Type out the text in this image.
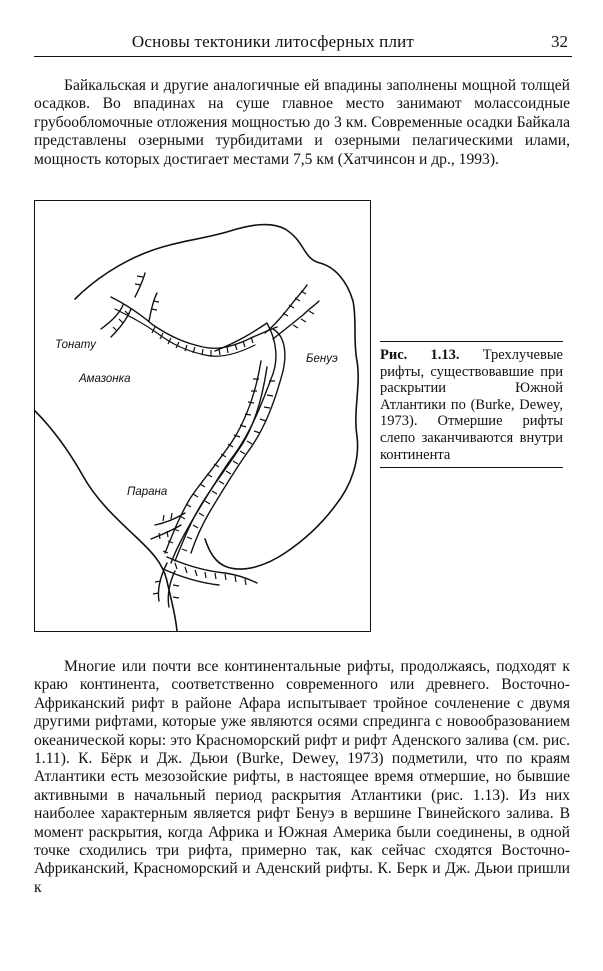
Основы тектоники литосферных плит	32

Байкальская и другие аналогичные ей впадины заполнены мощной толщей осадков. Во впадинах на суше главное место занимают молассоидные грубообломочные отложения мощностью до 3 км. Современные осадки Байкала представлены озерными турбидитами и озерными пелагическими илами, мощность которых достигает местами 7,5 км (Хатчинсон и др., 1993).

Тонату
Амазонка
Бенуэ
Парана
Рис. 1.13. Трехлучевые рифты, существовавшие при раскрытии Южной Атлантики по (Burke, Dewey, 1973). Отмершие рифты слепо заканчиваются внутри континента

Многие или почти все континентальные рифты, продолжаясь, подходят к краю континента, соответственно современного или древнего. Восточно-Африканский рифт в районе Афара испытывает тройное сочленение с двумя другими рифтами, которые уже являются осями спрединга с новообразованием океанической коры: это Красноморский рифт и рифт Аденского залива (см. рис. 1.11). К. Бёрк и Дж. Дьюи (Burke, Dewey, 1973) подметили, что по краям Атлантики есть мезозойские рифты, в настоящее время отмершие, но бывшие активными в начальный период раскрытия Атлантики (рис. 1.13). Из них наиболее характерным является рифт Бенуэ в вершине Гвинейского залива. В момент раскрытия, когда Африка и Южная Америка были соединены, в одной точке сходились три рифта, примерно так, как сейчас сходятся Восточно-Африканский, Красноморский и Аденский рифты. К. Берк и Дж. Дьюи пришли к
